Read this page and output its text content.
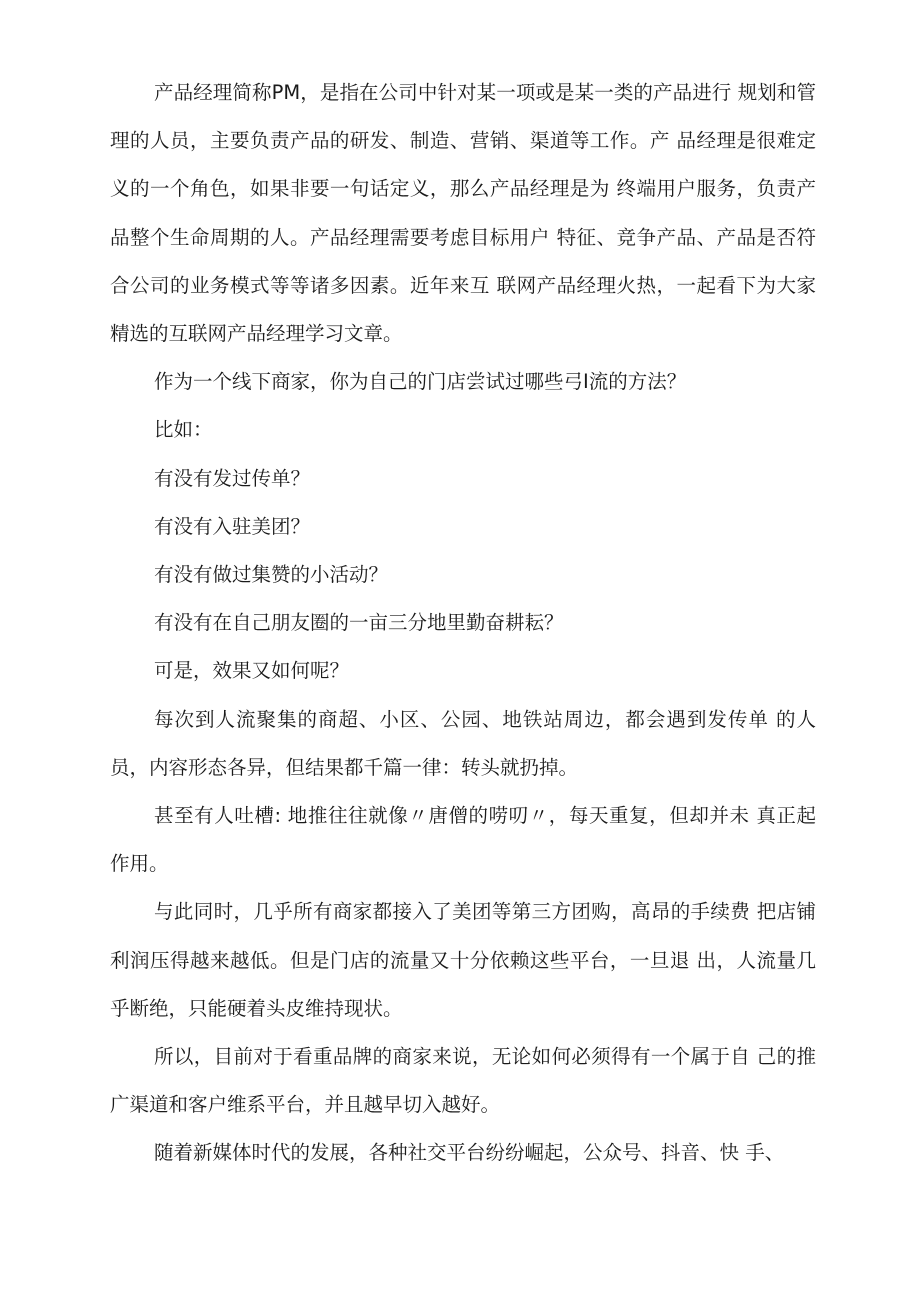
产品经理简称PM，是指在公司中针对某一项或是某一类的产品进行 规划和管理的人员，主要负责产品的研发、制造、营销、渠道等工作。产 品经理是很难定义的一个角色，如果非要一句话定义，那么产品经理是为 终端用户服务，负责产品整个生命周期的人。产品经理需要考虑目标用户 特征、竞争产品、产品是否符合公司的业务模式等等诸多因素。近年来互 联网产品经理火热，一起看下为大家精选的互联网产品经理学习文章。

作为一个线下商家，你为自己的门店尝试过哪些弓I流的方法？

比如：

有没有发过传单？

有没有入驻美团？

有没有做过集赞的小活动？

有没有在自己朋友圈的一亩三分地里勤奋耕耘？

可是，效果又如何呢？

每次到人流聚集的商超、小区、公园、地铁站周边，都会遇到发传单 的人员，内容形态各异，但结果都千篇一律：转头就扔掉。

甚至有人吐槽: 地推往往就像〃唐僧的唠叨〃，每天重复，但却并未 真正起作用。

与此同时，几乎所有商家都接入了美团等第三方团购，高昂的手续费 把店铺利润压得越来越低。但是门店的流量又十分依赖这些平台，一旦退 出，人流量几乎断绝，只能硬着头皮维持现状。

所以，目前对于看重品牌的商家来说，无论如何必须得有一个属于自 己的推广渠道和客户维系平台，并且越早切入越好。

随着新媒体时代的发展，各种社交平台纷纷崛起，公众号、抖音、快 手、
